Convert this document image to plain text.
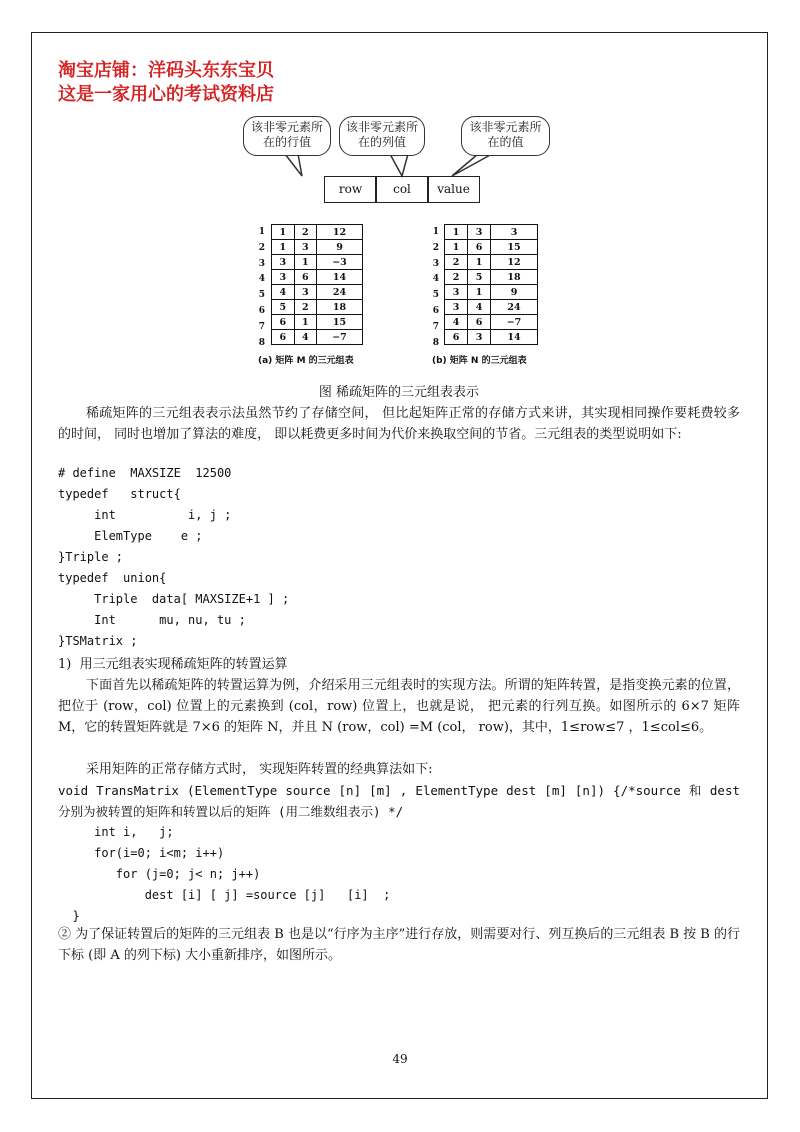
淘宝店铺：洋码头东东宝贝
这是一家用心的考试资料店
该非零元素所在的行值
该非零元素所在的列值
该非零元素所在的值
row	col	value
1
2
3
4
5
6
7
8
1	2	12
1	3	9
3	1	−3
3	6	14
4	3	24
5	2	18
6	1	15
6	4	−7
(a) 矩阵 M 的三元组表
1
2
3
4
5
6
7
8
1	3	3
1	6	15
2	1	12
2	5	18
3	1	9
3	4	24
4	6	−7
6	3	14
(b) 矩阵 N 的三元组表
图 稀疏矩阵的三元组表表示
稀疏矩阵的三元组表表示法虽然节约了存储空间， 但比起矩阵正常的存储方式来讲，其实现相同操作要耗费较多的时间， 同时也增加了算法的难度， 即以耗费更多时间为代价来换取空间的节省。三元组表的类型说明如下:
# define  MAXSIZE  12500
typedef   struct{
int          i, j ;
ElemType    e ;
}Triple ;
typedef  union{
Triple  data[ MAXSIZE+1 ] ;
Int      mu, nu, tu ;
}TSMatrix ;
1)  用三元组表实现稀疏矩阵的转置运算
下面首先以稀疏矩阵的转置运算为例，介绍采用三元组表时的实现方法。所谓的矩阵转置，是指变换元素的位置，把位于 (row，col) 位置上的元素换到 (col，row) 位置上，也就是说， 把元素的行列互换。如图所示的 6×7 矩阵 M，它的转置矩阵就是 7×6 的矩阵 N，并且 N (row，col) =M (col， row)，其中，1≤row≤7 ，1≤col≤6。
采用矩阵的正常存储方式时， 实现矩阵转置的经典算法如下:
void TransMatrix (ElementType source [n] [m] , ElementType dest [m] [n]) {/*source 和 dest 分别为被转置的矩阵和转置以后的矩阵 (用二维数组表示) */
int i,   j;
for(i=0; i<m; i++)
for (j=0; j< n; j++)
dest [i] [ j] =source [j]   [i]  ;
}
② 为了保证转置后的矩阵的三元组表 B 也是以“行序为主序”进行存放，则需要对行、列互换后的三元组表 B 按 B 的行下标 (即 A 的列下标) 大小重新排序，如图所示。
49
